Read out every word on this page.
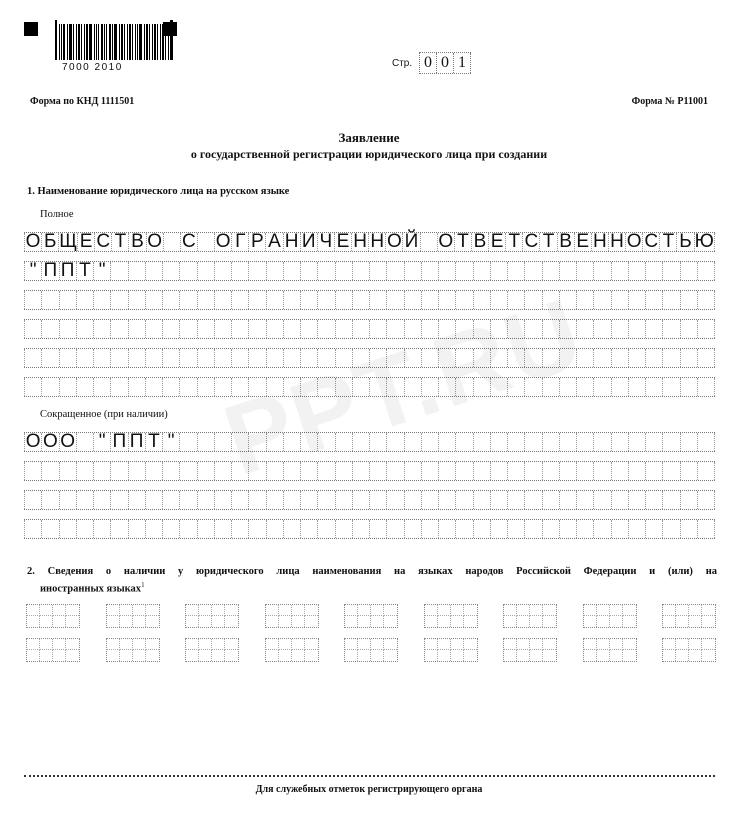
7000 2010	Стр. 0 0 1
Форма по КНД 1111501	Форма № Р11001
Заявление
о государственной регистрации юридического лица при создании
1. Наименование юридического лица на русском языке
Полное
О Б Щ Е С Т В О С О Г Р А Н И Ч Е Н Н О Й О Т В Е Т С Т В Е Н Н О С Т Ь Ю
" П П Т "
Сокращенное (при наличии)
О О О	" П П Т " PPT.RU
2. Сведения о наличии у юридического лица наименования на языках народов Российской Федерации и (или) на
иностранных языках$^1$
Для служебных отметок регистрирующего органа
